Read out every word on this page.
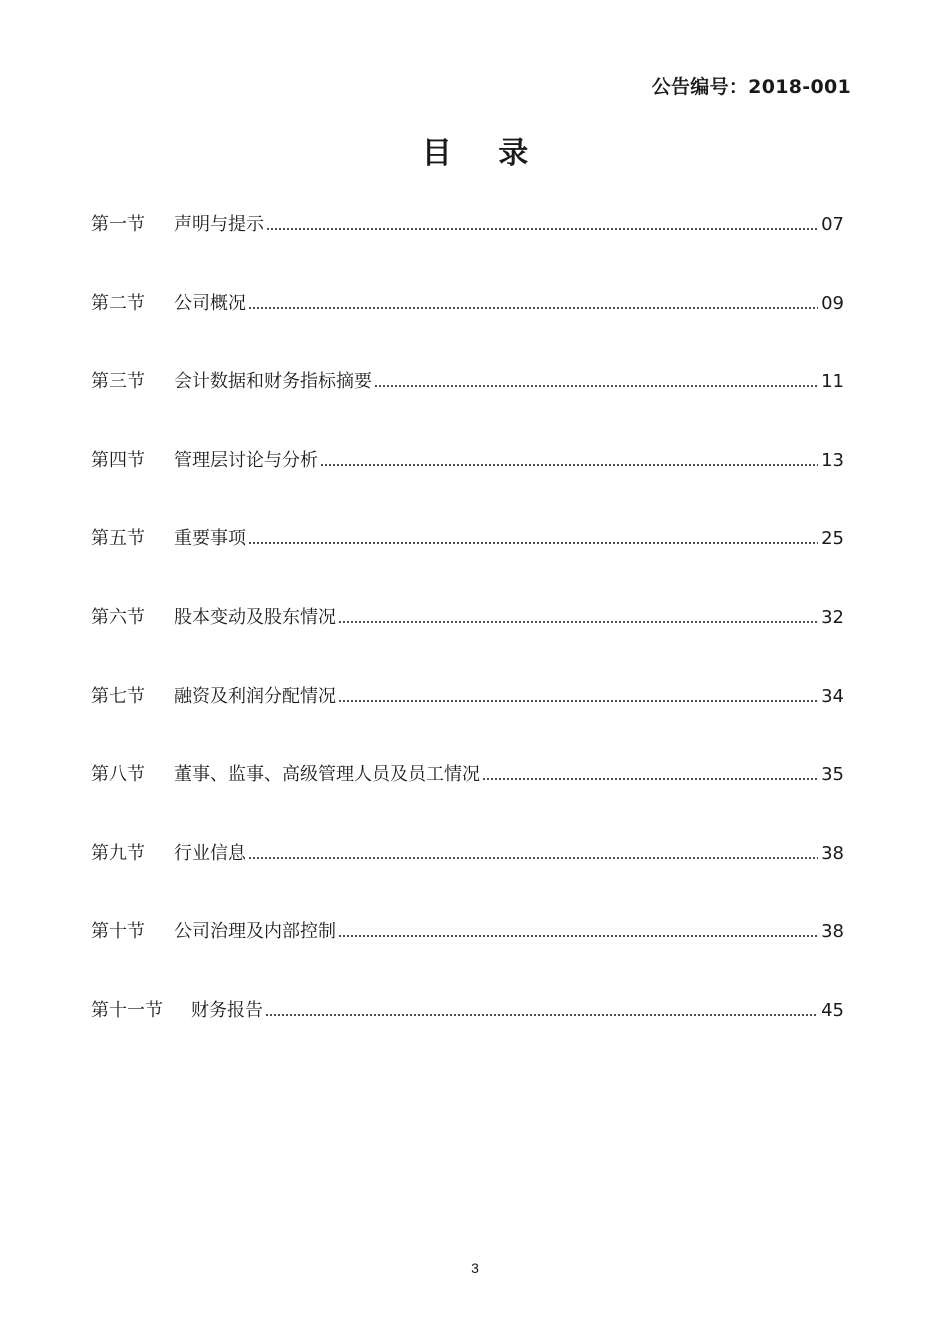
公告编号：2018-001
目 录
第一节	声明与提示	07
第二节	公司概况	09
第三节	会计数据和财务指标摘要	11
第四节	管理层讨论与分析	13
第五节	重要事项	25
第六节	股本变动及股东情况	32
第七节	融资及利润分配情况	34
第八节	董事、监事、高级管理人员及员工情况	35
第九节	行业信息	38
第十节	公司治理及内部控制	38
第十一节	财务报告	45
3
